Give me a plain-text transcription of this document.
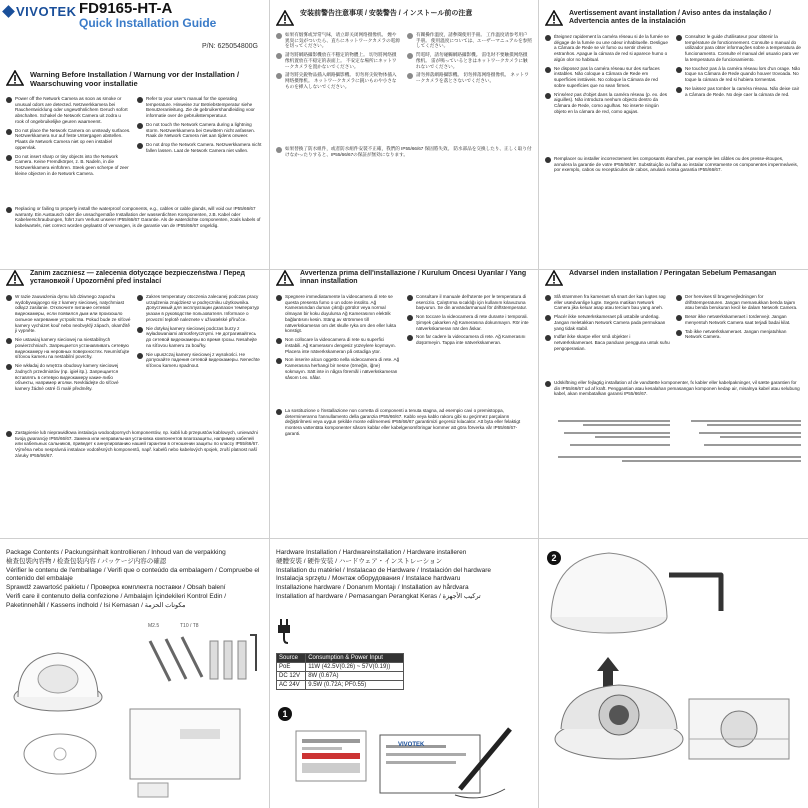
VIVOTEK FD9165-HT-A
Quick Installation Guide
P/N: 625054800G
Warning Before Installation / Warnung vor der Installation / Waarschuwing voor installatie
Power off the Network Camera as soon as smoke or unusual odors are detected. Netzwerkkamera bei Rauchentwicklung oder ungewöhnlichem Geruch sofort abschalten. Schakel de Network Camera uit zodra u rook of ongebruikelijke geuren waarneemt.
Do not place the Network Camera on unsteady surfaces. Netzwerkkamera nur auf feste Untergagen abstellen. Plaats de Network Camera niet op een instabiel oppervlak.
Do not insert sharp or tiny objects into the Network Camera. Keine Fremdkörper, z. B. Nadeln, in die Netzwerkkamera einführen. Steek geen scherpe of zeer kleine objecten in de Network Camera.
Refer to your user's manual for the operating temperature. Hinweise zur Betriebstemperatur siehe Benutzeranleitung. Zie de gebruikershandleiding voor informatie over de gebruikstemperatuur.
Do not touch the Network Camera during a lightning storm. Netzwerkkamera bei Gewittern nicht anfassen. Raak de Network Camera niet aan tijdens onweer.
Do not drop the Network Camera. Netzwerkkamera nicht fallen lassen. Laat de Network Camera niet vallen.
Replacing or failing to properly install the waterproof components, e.g., cables or cable glands, will void our IP55/66/67 warranty. Ein Austausch oder die unsachgemäße Installation der wasserdichten Komponenten, z.B. Kabel oder Kabelverschraubungen, führt zum Verlust unserer IP55/66/67 Garantie. Als de waterdichte componenten, zoals kabels of kabelwartels, niet correct worden geplaatst of vervangen, is de garantie van de IP55/66/67 ongeldig.
安装前警告注意事项 / 安裝警告 / インストール前の注意
如果有烟雾或异常气味，请立即关闭网络摄像机。 煙や異臭に気がついたら、直ちにネットワークカメラの電源を切ってください。
請勿將網路攝影機放在不穩定的物體上。 切勿將网络摄像机置放在不稳定的表面上。 不安定な場所にネットワークカメラを置かないでください。
請勿將尖銳物品插入網路攝影機。 切勿将尖锐物体插入网络摄像机。 ネットワークカメラに鋭いものや小さなものを挿入しないでください。
有關操作溫度，請參閱使用手冊。 工作温度请参考用户手册。 使用温度については、ユーザーマニュアルを参照してください。
閃電時，請勿碰觸網路攝影機。 雷电时不要触摸网络摄像机。 雷が鳴っているときはネットワークカメラに触れないでください。
請勿摔落網路攝影機。 切勿摔落网络摄像机。 ネットワークカメラを落とさないでください。
如果替換了防水組件，或者防水組件安裝不正確，我們的 IP55/66/67 保固將失效。 防水部品を交換したり、正しく取り付けなかったりすると、IP55/66/67の保証が無効になります。
Avertissement avant installation / Aviso antes da instalação / Advertencia antes de la instalación
Éteignez rapidement la caméra réseau si de la fumée se dégage de la fumée ou une odeur inhabituelle. Desligue a Câmara de Rede se vir fumo ou sentir cheiros estranhos. Apague la cámara de red si aparece humo o algún olor no habitual.
Ne disposez pas la caméra réseau sur des surfaces instables. Não coloque a Câmara de Rede em superfícies instáveis. No coloque la Cámara de red sobre superficies que no sean firmes.
N'insérez pas d'objet dans la caméra réseau (p. ex. des aiguilles). Não introduza nenhum objecto dentro da Câmara de Rede, como agulhas. No inserte ningún objeto en la cámara de red, como agujas.
Consultez le guide d'utilisateur pour obtenir la température de fonctionnement. Consulte o manual do utilizador para obter informações sobre a temperatura de funcionamento. Consulte el manual del usuario para ver la temperatura de funcionamiento.
Ne touchez pas à la caméra réseau lors d'un orage. Não toque na Câmara de Rede quando houver trovoada. No toque la cámara de red si hubiera tormentas.
Ne laissez pas tomber la caméra réseau. Não deixe cair a Câmara de Rede. No deje caer la cámara de red.
Remplacer ou installer incorrectement les composants étanches, par exemple les câbles ou des presse-étoupes, annulera la garantie de votre IP55/66/67. Substituição ou falha ao instalar corretamente os componentes impermeáveis, por exemplo, cabos ou receptáculos de cabos, anulará nossa garantia IP55/66/67.
Zanim zaczniesz — zalecenia dotyczące bezpieczeństwa / Перед установкой / Upozornění před instalací
W razie zauważenia dymu lub dziwnego zapachu wydobywającego się z kamery sieciowej, natychmiast odłącz zasilanie. Отключите питание сетевой видеокамеры, если появился дым или произошло сильное нагревание устройства. Pokud bude ze síťové kamery vycházet kouř nebo neobvyklý zápach, okamžitě ji vypněte.
Nie ustawiaj kamery sieciowej na niestabilnych powierzchniach. Запрещается устанавливать сетевую видеокамеру на неровных поверхностях. Neumísťujte síťovou kameru na nestabilní povrchy.
Nie wkładaj do wnętrza obudowy kamery sieciowej żadnych przedmiotów (np. igieł itp.). Запрещается вставлять в сетевую видеокамеру какие-либо объекты, например иголки. Nevkládejte do síťové kamery žádné ostré či malé předměty.
Zakres temperatury otoczenia zalecanej podczas pracy urządzenia znajdziesz w podręczniku użytkownika. Допустимый для эксплуатации диапазон температур указан в руководстве пользователя. Informace o provozní teplotě naleznete v uživatelské příručce.
Nie dotykaj kamery sieciowej podczas burzy z wyładowaniami atmosferycznymi. Не дотрагивайтесь до сетевой видеокамеры во время грозы. Nesahejte na síťovou kameru za bouřky.
Nie upuszczaj kamery sieciowej z wysokości. Не допускайте падения сетевой видеокамеры. Nenechte síťovou kameru spadnout.
Zastąpienie lub nieprawidłowa instalacja wodoodpornych komponentów, np. kabli lub przepustów kablowych, unieważni twoją gwarancję IP55/66/67. Замена или неправильная установка компонентов влагозащиты, например кабелей или кабельных сальников, приведет к аннулированию нашей гарантии в отношении защиты по классу IP55/66/67. Výměna nebo nesprávná instalace vodotěsných komponentů, např. kabelů nebo kabelových spojek, zruší platnost naší záruky IP55/66/67.
Avvertenza prima dell'installazione / Kurulum Öncesi Uyarılar / Yang innan installation
Spegnere immediatamente la videocamera di rete se questa presenta fumo o un odore insolito. Ağ Kamerasından duman çıktığı görülür veya normal olmayan bir koku duyulursa Ağ Kamerasının elektrik bağlantısını kesin. Stäng av strömmen till nätverkskameran om det skulle ryka om den eller lukta konstigt.
Non collocare la videocamera di rete su superfici instabili. Ağ Kamerasını dengesiz yüzeylere koymayın. Placera inte nätverkskameran på ostadiga ytor.
Non inserire alcun oggetto nella videocamera di rete. Ağ Kamerasına herhangi bir nesne (örneğin, iğne) sokmayın. Sätt inte in några föremål i nätverkskameran såsom t.ex. nålar.
Consultare il manuale dell'utente per le temperatura di esercizio. Çalıştırma sıcaklığı için kullanım kılavuzuna başvurun. Se din användarmanual för driftstemperatur.
Non toccare la videocamera di rete durante i temporali. Şimşek çakarken Ağ Kamerasına dokunmayın. Rör inte nätverkskameran när den åskar.
Non far cadere la videocamera di rete. Ağ Kamerasını düşürmeyin. Tappa inte nätverkskameran.
La sostituzione o l'installazione non corretta di componenti a tenuta stagna, ad esempio cavi o premistoppa, determineranno l'annullamento della garanzia IP55/66/67. Kablo veya kablo rakoru gibi su geçirmez parçaların değiştirilmesi veya uygun şekilde monte edilmemesi IP55/66/67 garantimizi geçersiz kılacaktır. Att byta eller felaktigt montera vattentäta komponenter såsom kablar eller kabelgenomföringar kommer att göra förverka vår IP55/66/67-garanti.
Advarsel inden installation / Peringatan Sebelum Pemasangan
Slå strømmen fra kameraet så snart der kan lugtes røg eller usædvanlige lugte. Segera matikan Network Camera jika keluar asap atau tercium bau yang aneh.
Placér ikke netværkskameraet på ustabile underlag. Jangan meletakkan Network Camera pada permukaan yang tidak stabil.
Indfør ikke skarpe eller små objekter i netværkskameraet. Baca panduan pengguna untuk suhu pengoperasian.
Der henvises til brugervejledningen for driftstemperaturen. Jangan memasukkan benda tajam atau benda berukuran kecil ke dalam Network Camera.
Berør ikke netværkskameraet i tordenvejr. Jangan menyentuh Network Camera saat terjadi badai kilat.
Tab ikke netværkskameraet. Jangan menjatuhkan Network Camera.
Udskiftning eller fejlagtig installation af de vandtætte komponenter, fx kabler eller kabelpakninger, vil sætte garantien for din IP55/66/67 ud af kraft. Penggantian atau kesalahan pemasangan komponen kedap air, misalnya kabel atau selubung kabel, akan membatalkan garansi IP55/66/67.
Package Contents / Packungsinhalt kontrollieren / Inhoud van de verpakking
檢查包裝內容物 / 检查包装内容 / パッケージ内容の確認
Vérifier le contenu de l'emballage / Verifi que o conteúdo da embalagem / Compruebe el contenido del embalaje
Sprawdź zawartość pakietu / Проверка комплекта поставки / Obsah balení
Verifi care il contenuto della confezione / Ambalajın İçindekileri Kontrol Edin / Paketinnehåll / Kassens indhold / Isi Kemasan / مكونات الحزمة
M2.5	T10 / T8
Hardware Installation / Hardwareinstallation / Hardware installeren
硬體安裝 / 硬件安装 / ハードウェア・インストレーション
Installation du matériel / Instalacao de Hardware / Instalación del hardware
Instalacja sprzętu / Монтаж оборудования / Instalace hardwaru
Installazione hardware / Donanım Montajı / Installation av hårdvara
Installation af hardware / Pemasangan Perangkat Keras / تركيب الأجهزة
Source	Consumption & Power Input
PoE	11W (42.5V(0.26) ~ 57V(0.19))
DC 12V	8W (0.67A)
AC 24V	9.5W (0.72A; PF0.55)
1
VIVOTEK
2
